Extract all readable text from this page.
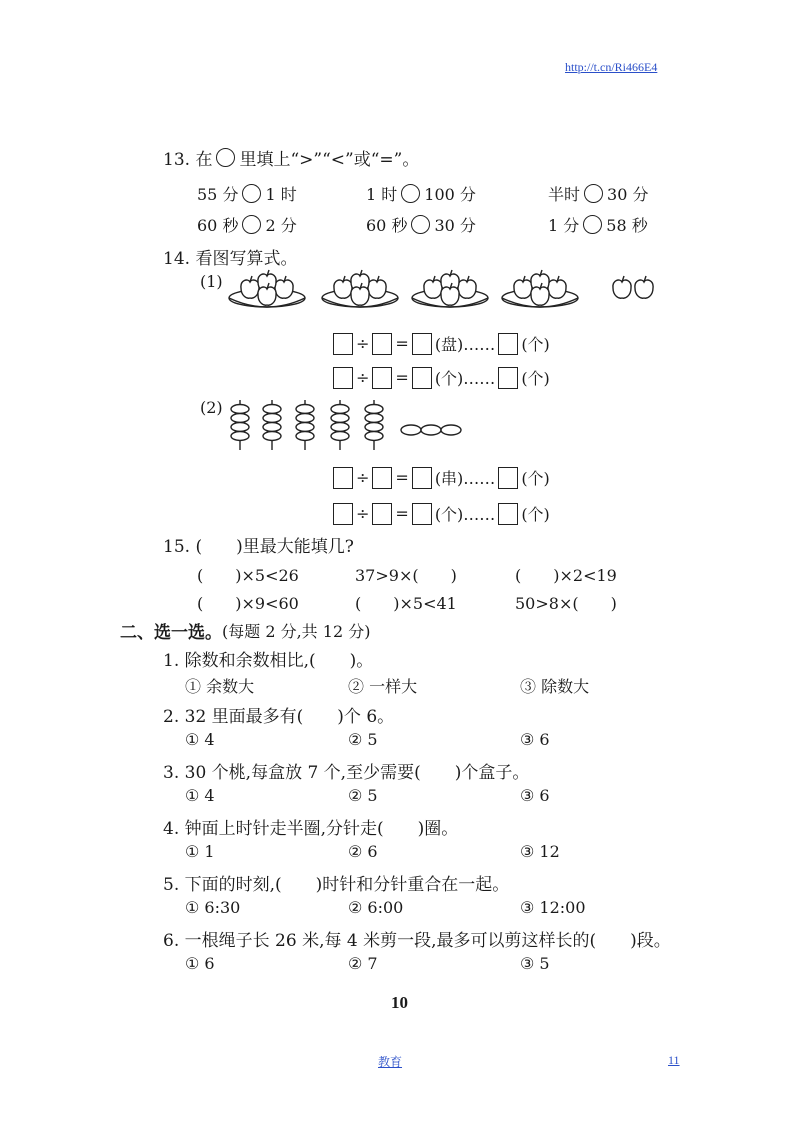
http://t.cn/Ri466E4
13. 在 里填上“>”“<”或“=”。
55 分 1 时	1 时 100 分	半时 30 分
60 秒 2 分	60 秒 30 分	1 分 58 秒
14. 看图写算式。
(1)
÷ = (盘)…… (个)
÷ = (个)…… (个)
(2)
÷ = (串)…… (个)
÷ = (个)…… (个)
15. (　　)里最大能填几?
(　　)×5<26	37>9×(　　)	(　　)×2<19
(　　)×9<60	(　　)×5<41	50>8×(　　)
二、选一选。 (每题 2 分,共 12 分)
1. 除数和余数相比,(　　)。
① 余数大	② 一样大	③ 除数大
2. 32 里面最多有(　　)个 6。
① 4	② 5	③ 6
3. 30 个桃,每盒放 7 个,至少需要(　　)个盒子。
① 4	② 5	③ 6
4. 钟面上时针走半圈,分针走(　　)圈。
① 1	② 6	③ 12
5. 下面的时刻,(　　)时针和分针重合在一起。
① 6:30	② 6:00	③ 12:00
6. 一根绳子长 26 米,每 4 米剪一段,最多可以剪这样长的(　　)段。
① 6	② 7	③ 5
10
教育	11
